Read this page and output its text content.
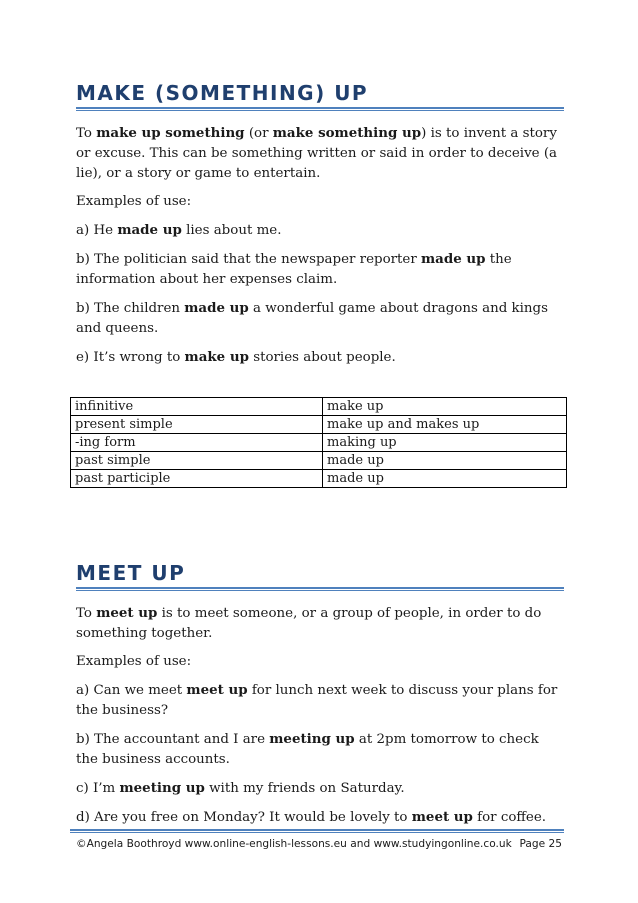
MAKE (SOMETHING) UP

To make up something (or make something up) is to invent a story or excuse. This can be something written or said in order to deceive (a lie), or a story or game to entertain.

Examples of use:

a) He made up lies about me.

b) The politician said that the newspaper reporter made up the information about her expenses claim.

b) The children made up a wonderful game about dragons and kings and queens.

e) It’s wrong to make up stories about people.

infinitive	make up
present simple	make up and makes up
-ing form	making up
past simple	made up
past participle	made up
MEET UP

To meet up is to meet someone, or a group of people, in order to do something together.

Examples of use:

a) Can we meet meet up for lunch next week to discuss your plans for the business?

b) The accountant and I are meeting up at 2pm tomorrow to check the business accounts.

c) I’m meeting up with my friends on Saturday.

d) Are you free on Monday? It would be lovely to meet up for coffee.

©Angela Boothroyd www.online-english-lessons.eu and www.studyingonline.co.uk Page 25
